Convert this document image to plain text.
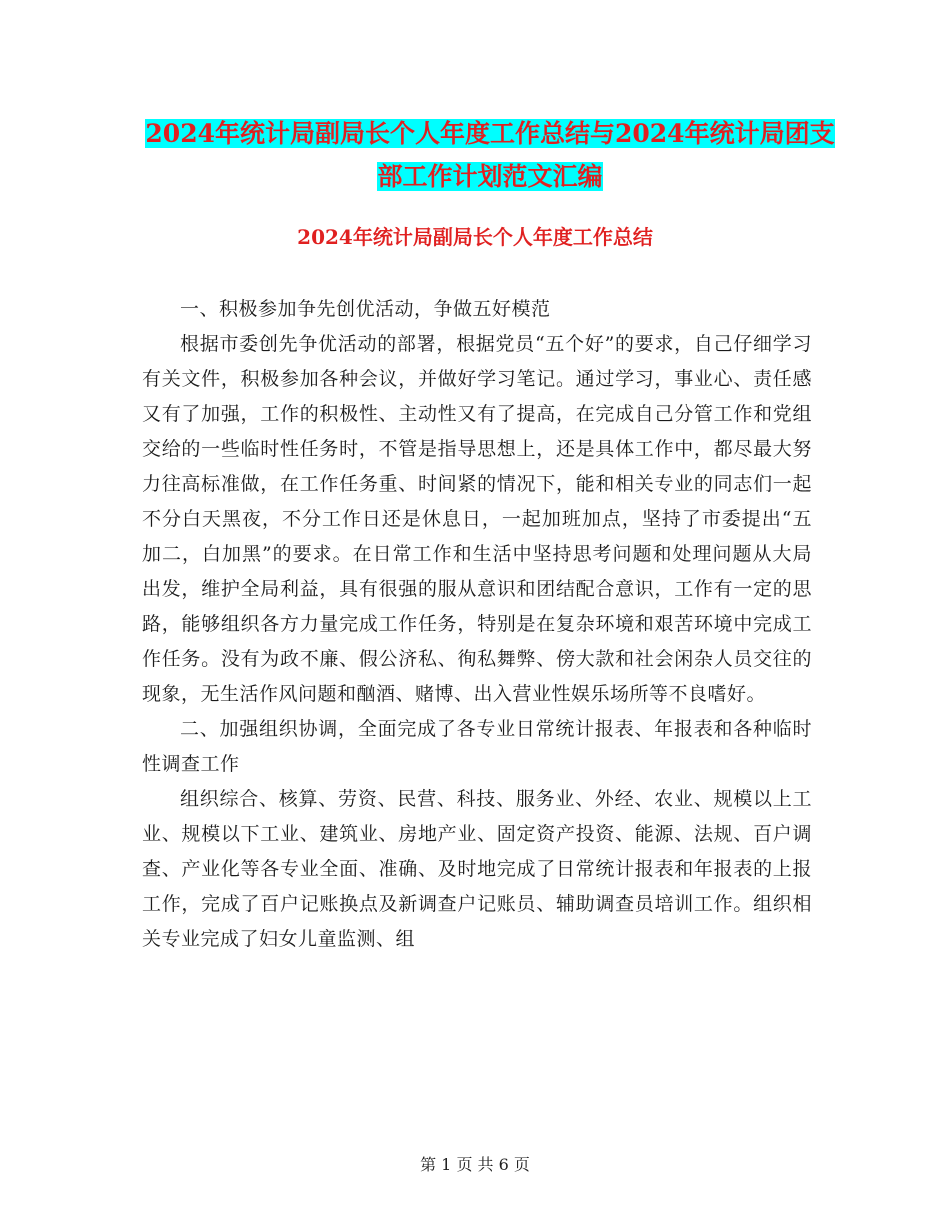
2024年统计局副局长个人年度工作总结与2024年统计局团支部工作计划范文汇编
2024年统计局副局长个人年度工作总结

一、积极参加争先创优活动，争做五好模范

根据市委创先争优活动的部署，根据党员“五个好”的要求，自己仔细学习有关文件，积极参加各种会议，并做好学习笔记。通过学习，事业心、责任感又有了加强，工作的积极性、主动性又有了提高，在完成自己分管工作和党组交给的一些临时性任务时，不管是指导思想上，还是具体工作中，都尽最大努力往高标准做，在工作任务重、时间紧的情况下，能和相关专业的同志们一起不分白天黑夜，不分工作日还是休息日，一起加班加点，坚持了市委提出“五加二，白加黑”的要求。在日常工作和生活中坚持思考问题和处理问题从大局出发，维护全局利益，具有很强的服从意识和团结配合意识，工作有一定的思路，能够组织各方力量完成工作任务，特别是在复杂环境和艰苦环境中完成工作任务。没有为政不廉、假公济私、徇私舞弊、傍大款和社会闲杂人员交往的现象，无生活作风问题和酗酒、赌博、出入营业性娱乐场所等不良嗜好。

二、加强组织协调，全面完成了各专业日常统计报表、年报表和各种临时性调查工作

组织综合、核算、劳资、民营、科技、服务业、外经、农业、规模以上工业、规模以下工业、建筑业、房地产业、固定资产投资、能源、法规、百户调查、产业化等各专业全面、准确、及时地完成了日常统计报表和年报表的上报工作，完成了百户记账换点及新调查户记账员、辅助调查员培训工作。组织相关专业完成了妇女儿童监测、组

第 1 页 共 6 页
